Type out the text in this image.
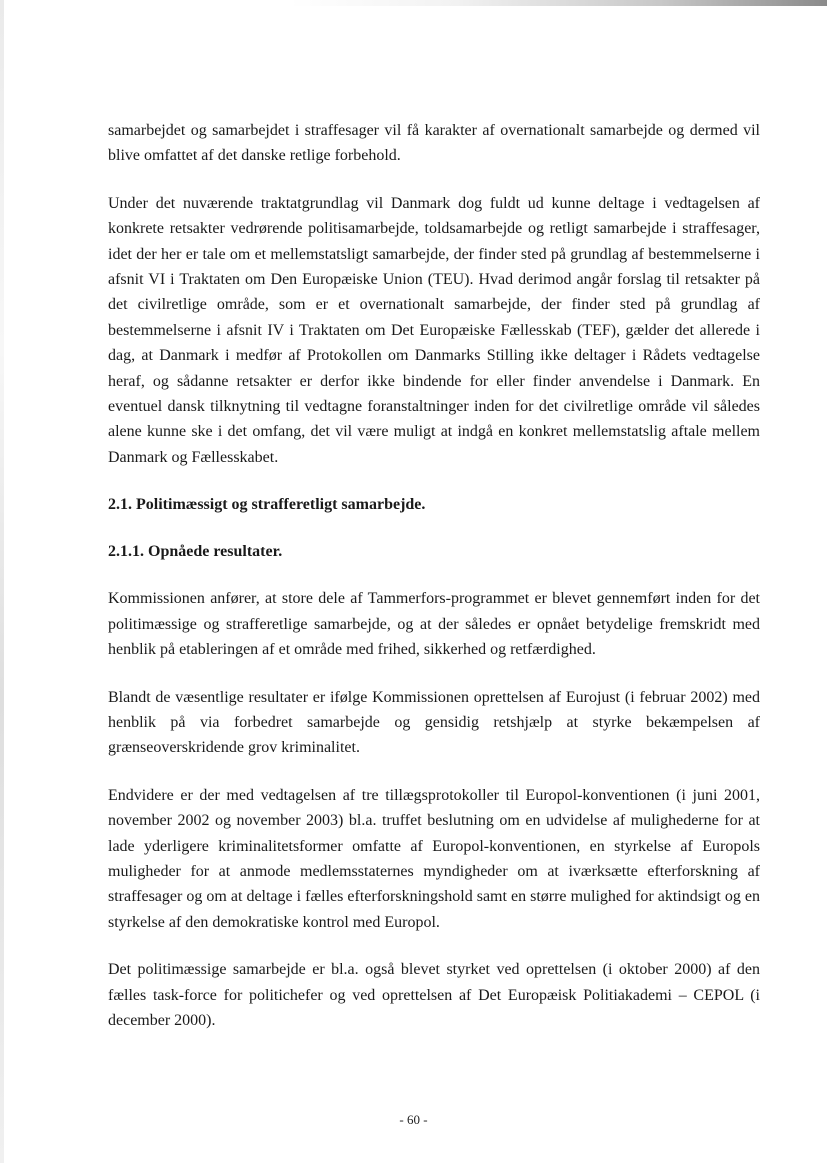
samarbejdet og samarbejdet i straffesager vil få karakter af overnationalt samarbejde og dermed vil blive omfattet af det danske retlige forbehold.

Under det nuværende traktatgrundlag vil Danmark dog fuldt ud kunne deltage i vedtagelsen af konkrete retsakter vedrørende politisamarbejde, toldsamarbejde og retligt samarbejde i straffesager, idet der her er tale om et mellemstatsligt samarbejde, der finder sted på grundlag af bestemmelserne i afsnit VI i Traktaten om Den Europæiske Union (TEU). Hvad derimod angår forslag til retsakter på det civilretlige område, som er et overnationalt samarbejde, der finder sted på grundlag af bestemmelserne i afsnit IV i Traktaten om Det Europæiske Fællesskab (TEF), gælder det allerede i dag, at Danmark i medfør af Protokollen om Danmarks Stilling ikke deltager i Rådets vedtagelse heraf, og sådanne retsakter er derfor ikke bindende for eller finder anvendelse i Danmark. En eventuel dansk tilknytning til vedtagne foranstaltninger inden for det civilretlige område vil således alene kunne ske i det omfang, det vil være muligt at indgå en konkret mellemstatslig aftale mellem Danmark og Fællesskabet.

2.1. Politimæssigt og strafferetligt samarbejde.

2.1.1. Opnåede resultater.

Kommissionen anfører, at store dele af Tammerfors-programmet er blevet gennemført inden for det politimæssige og strafferetlige samarbejde, og at der således er opnået betydelige fremskridt med henblik på etableringen af et område med frihed, sikkerhed og retfærdighed.

Blandt de væsentlige resultater er ifølge Kommissionen oprettelsen af Eurojust (i februar 2002) med henblik på via forbedret samarbejde og gensidig retshjælp at styrke bekæmpelsen af grænseoverskridende grov kriminalitet.

Endvidere er der med vedtagelsen af tre tillægsprotokoller til Europol-konventionen (i juni 2001, november 2002 og november 2003) bl.a. truffet beslutning om en udvidelse af mulighederne for at lade yderligere kriminalitetsformer omfatte af Europol-konventionen, en styrkelse af Europols muligheder for at anmode medlemsstaternes myndigheder om at iværksætte efterforskning af straffesager og om at deltage i fælles efterforskningshold samt en større mulighed for aktindsigt og en styrkelse af den demokratiske kontrol med Europol.

Det politimæssige samarbejde er bl.a. også blevet styrket ved oprettelsen (i oktober 2000) af den fælles task-force for politichefer og ved oprettelsen af Det Europæisk Politiakademi – CEPOL (i december 2000).

- 60 -
